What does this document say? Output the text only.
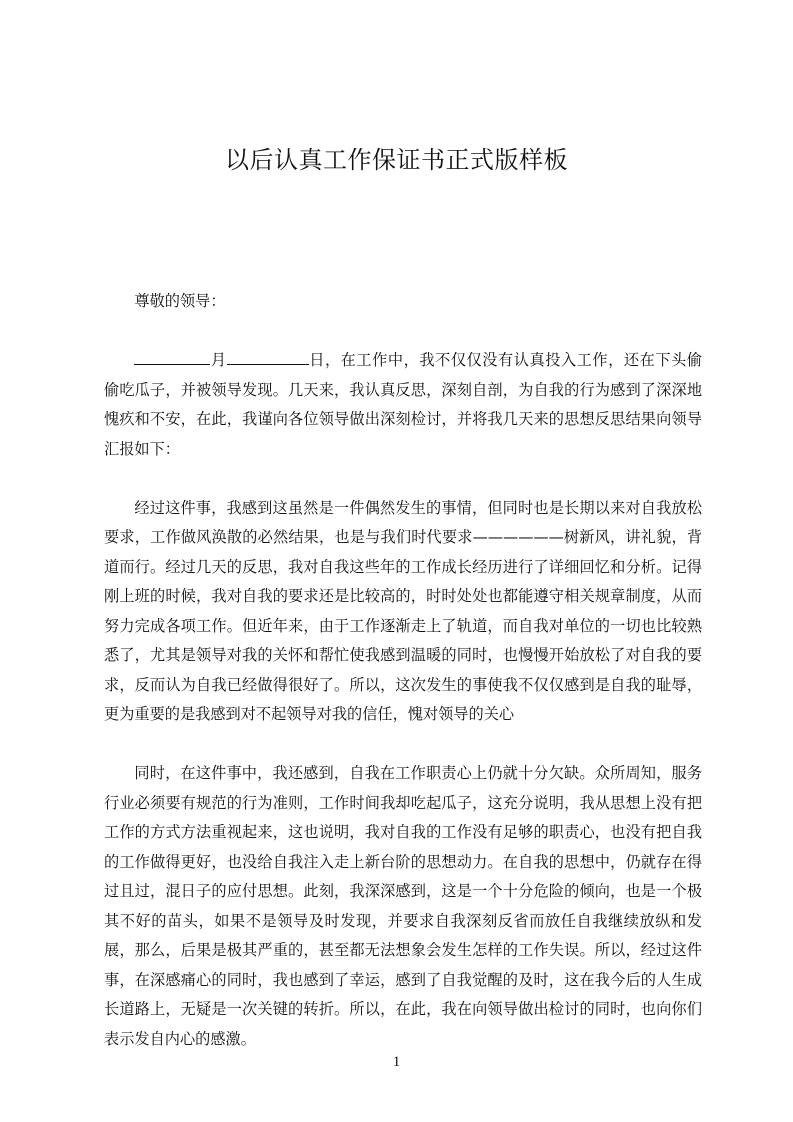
以后认真工作保证书正式版样板

尊敬的领导：

月	日，在工作中，我不仅仅没有认真投入工作，还在下头偷偷吃瓜子，并被领导发现。几天来，我认真反思，深刻自剖，为自我的行为感到了深深地愧疚和不安，在此，我谨向各位领导做出深刻检讨，并将我几天来的思想反思结果向领导汇报如下：

经过这件事，我感到这虽然是一件偶然发生的事情，但同时也是长期以来对自我放松要求，工作做风涣散的必然结果，也是与我们时代要求——————树新风，讲礼貌，背道而行。经过几天的反思，我对自我这些年的工作成长经历进行了详细回忆和分析。记得刚上班的时候，我对自我的要求还是比较高的，时时处处也都能遵守相关规章制度，从而努力完成各项工作。但近年来，由于工作逐渐走上了轨道，而自我对单位的一切也比较熟悉了，尤其是领导对我的关怀和帮忙使我感到温暖的同时，也慢慢开始放松了对自我的要求，反而认为自我已经做得很好了。所以，这次发生的事使我不仅仅感到是自我的耻辱，更为重要的是我感到对不起领导对我的信任，愧对领导的关心

同时，在这件事中，我还感到，自我在工作职责心上仍就十分欠缺。众所周知，服务行业必须要有规范的行为准则，工作时间我却吃起瓜子，这充分说明，我从思想上没有把工作的方式方法重视起来，这也说明，我对自我的工作没有足够的职责心，也没有把自我的工作做得更好，也没给自我注入走上新台阶的思想动力。在自我的思想中，仍就存在得过且过，混日子的应付思想。此刻，我深深感到，这是一个十分危险的倾向，也是一个极其不好的苗头，如果不是领导及时发现，并要求自我深刻反省而放任自我继续放纵和发展，那么，后果是极其严重的，甚至都无法想象会发生怎样的工作失误。所以，经过这件事，在深感痛心的同时，我也感到了幸运，感到了自我觉醒的及时，这在我今后的人生成长道路上，无疑是一次关键的转折。所以，在此，我在向领导做出检讨的同时，也向你们表示发自内心的感激。

1
